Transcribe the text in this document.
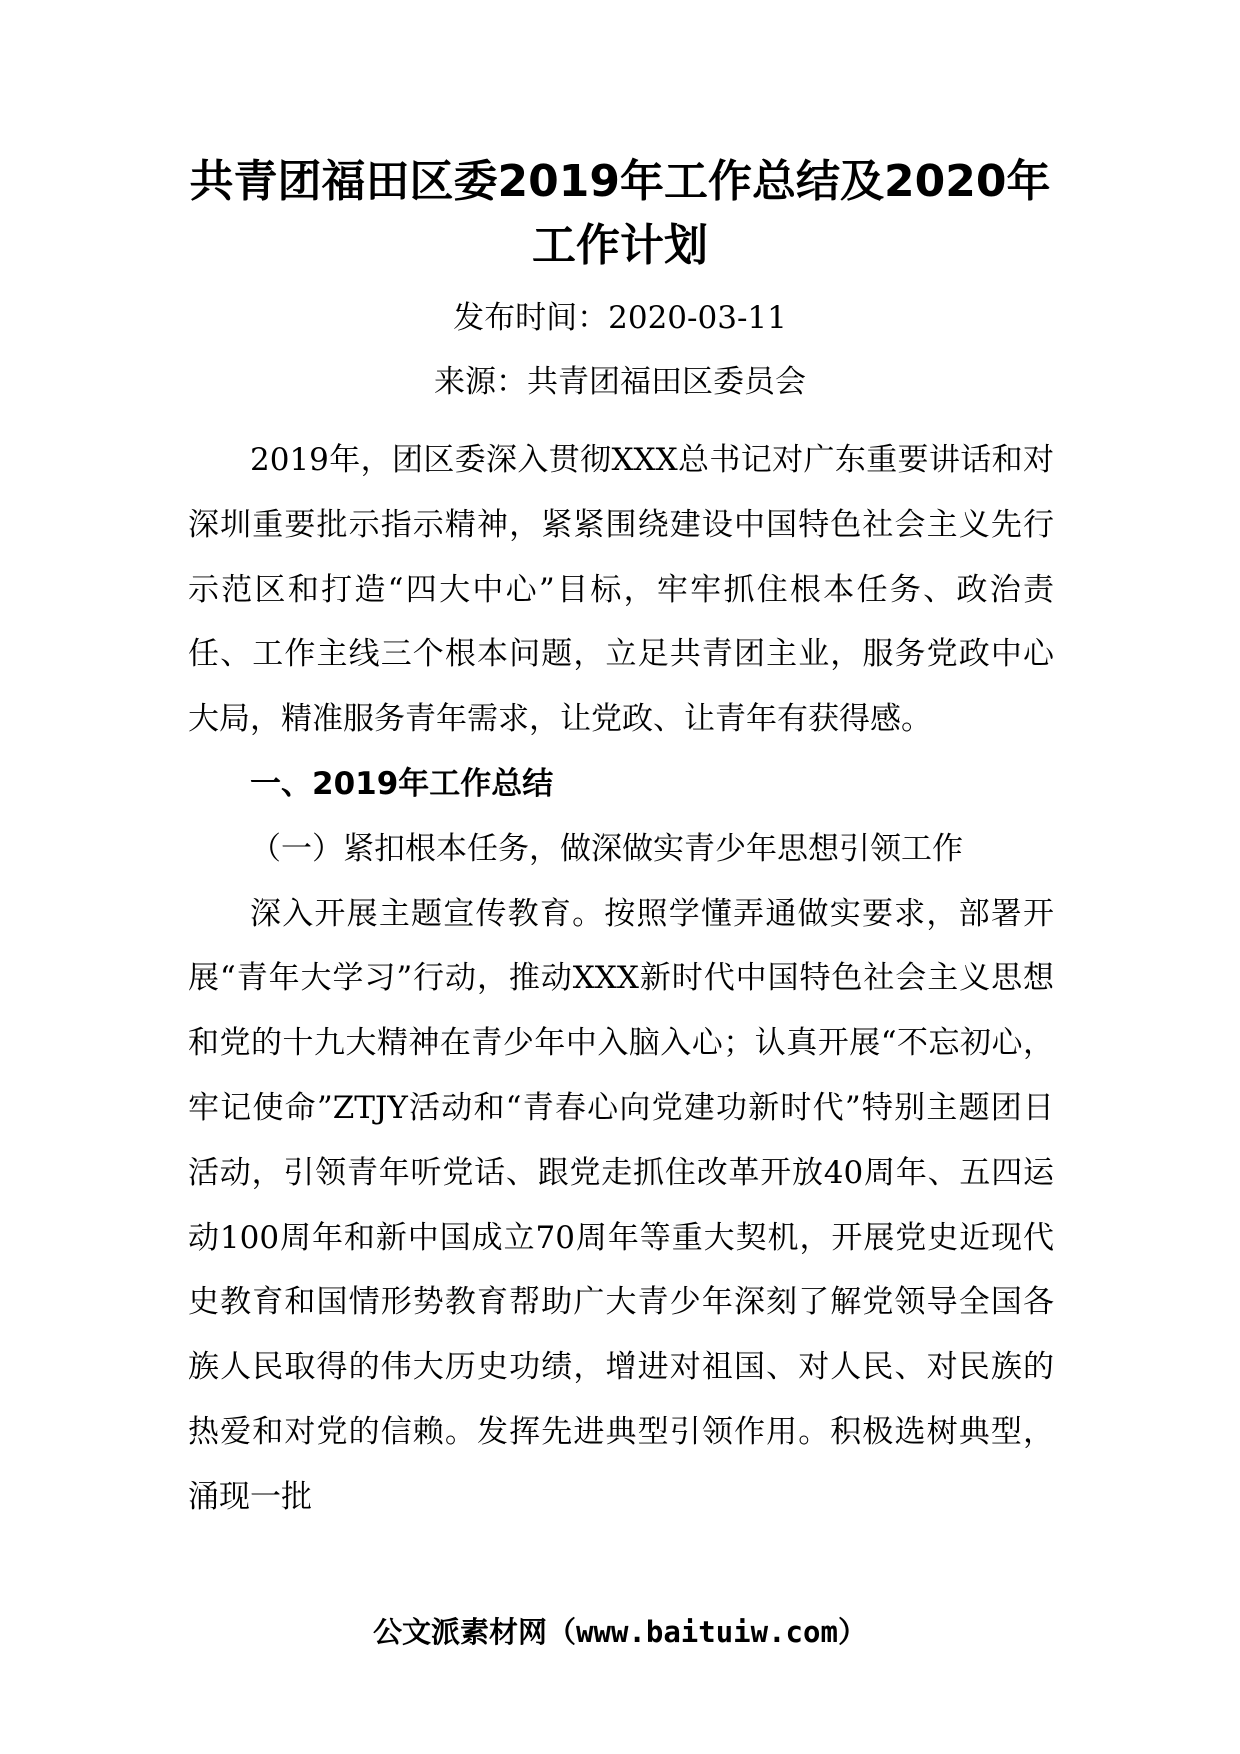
共青团福田区委2019年工作总结及2020年
工作计划

发布时间：2020-03-11

来源：共青团福田区委员会

2019年，团区委深入贯彻XXX总书记对广东重要讲话和对深圳重要批示指示精神，紧紧围绕建设中国特色社会主义先行示范区和打造“四大中心”目标，牢牢抓住根本任务、政治责任、工作主线三个根本问题，立足共青团主业，服务党政中心大局，精准服务青年需求，让党政、让青年有获得感。

一、2019年工作总结

（一）紧扣根本任务，做深做实青少年思想引领工作

深入开展主题宣传教育。按照学懂弄通做实要求，部署开展“青年大学习”行动，推动XXX新时代中国特色社会主义思想和党的十九大精神在青少年中入脑入心；认真开展“不忘初心，牢记使命”ZTJY活动和“青春心向党建功新时代”特别主题团日活动，引领青年听党话、跟党走抓住改革开放40周年、五四运动100周年和新中国成立70周年等重大契机，开展党史近现代史教育和国情形势教育帮助广大青少年深刻了解党领导全国各族人民取得的伟大历史功绩，增进对祖国、对人民、对民族的热爱和对党的信赖。发挥先进典型引领作用。积极选树典型，涌现一批

公文派素材网（www.baituiw.com）
